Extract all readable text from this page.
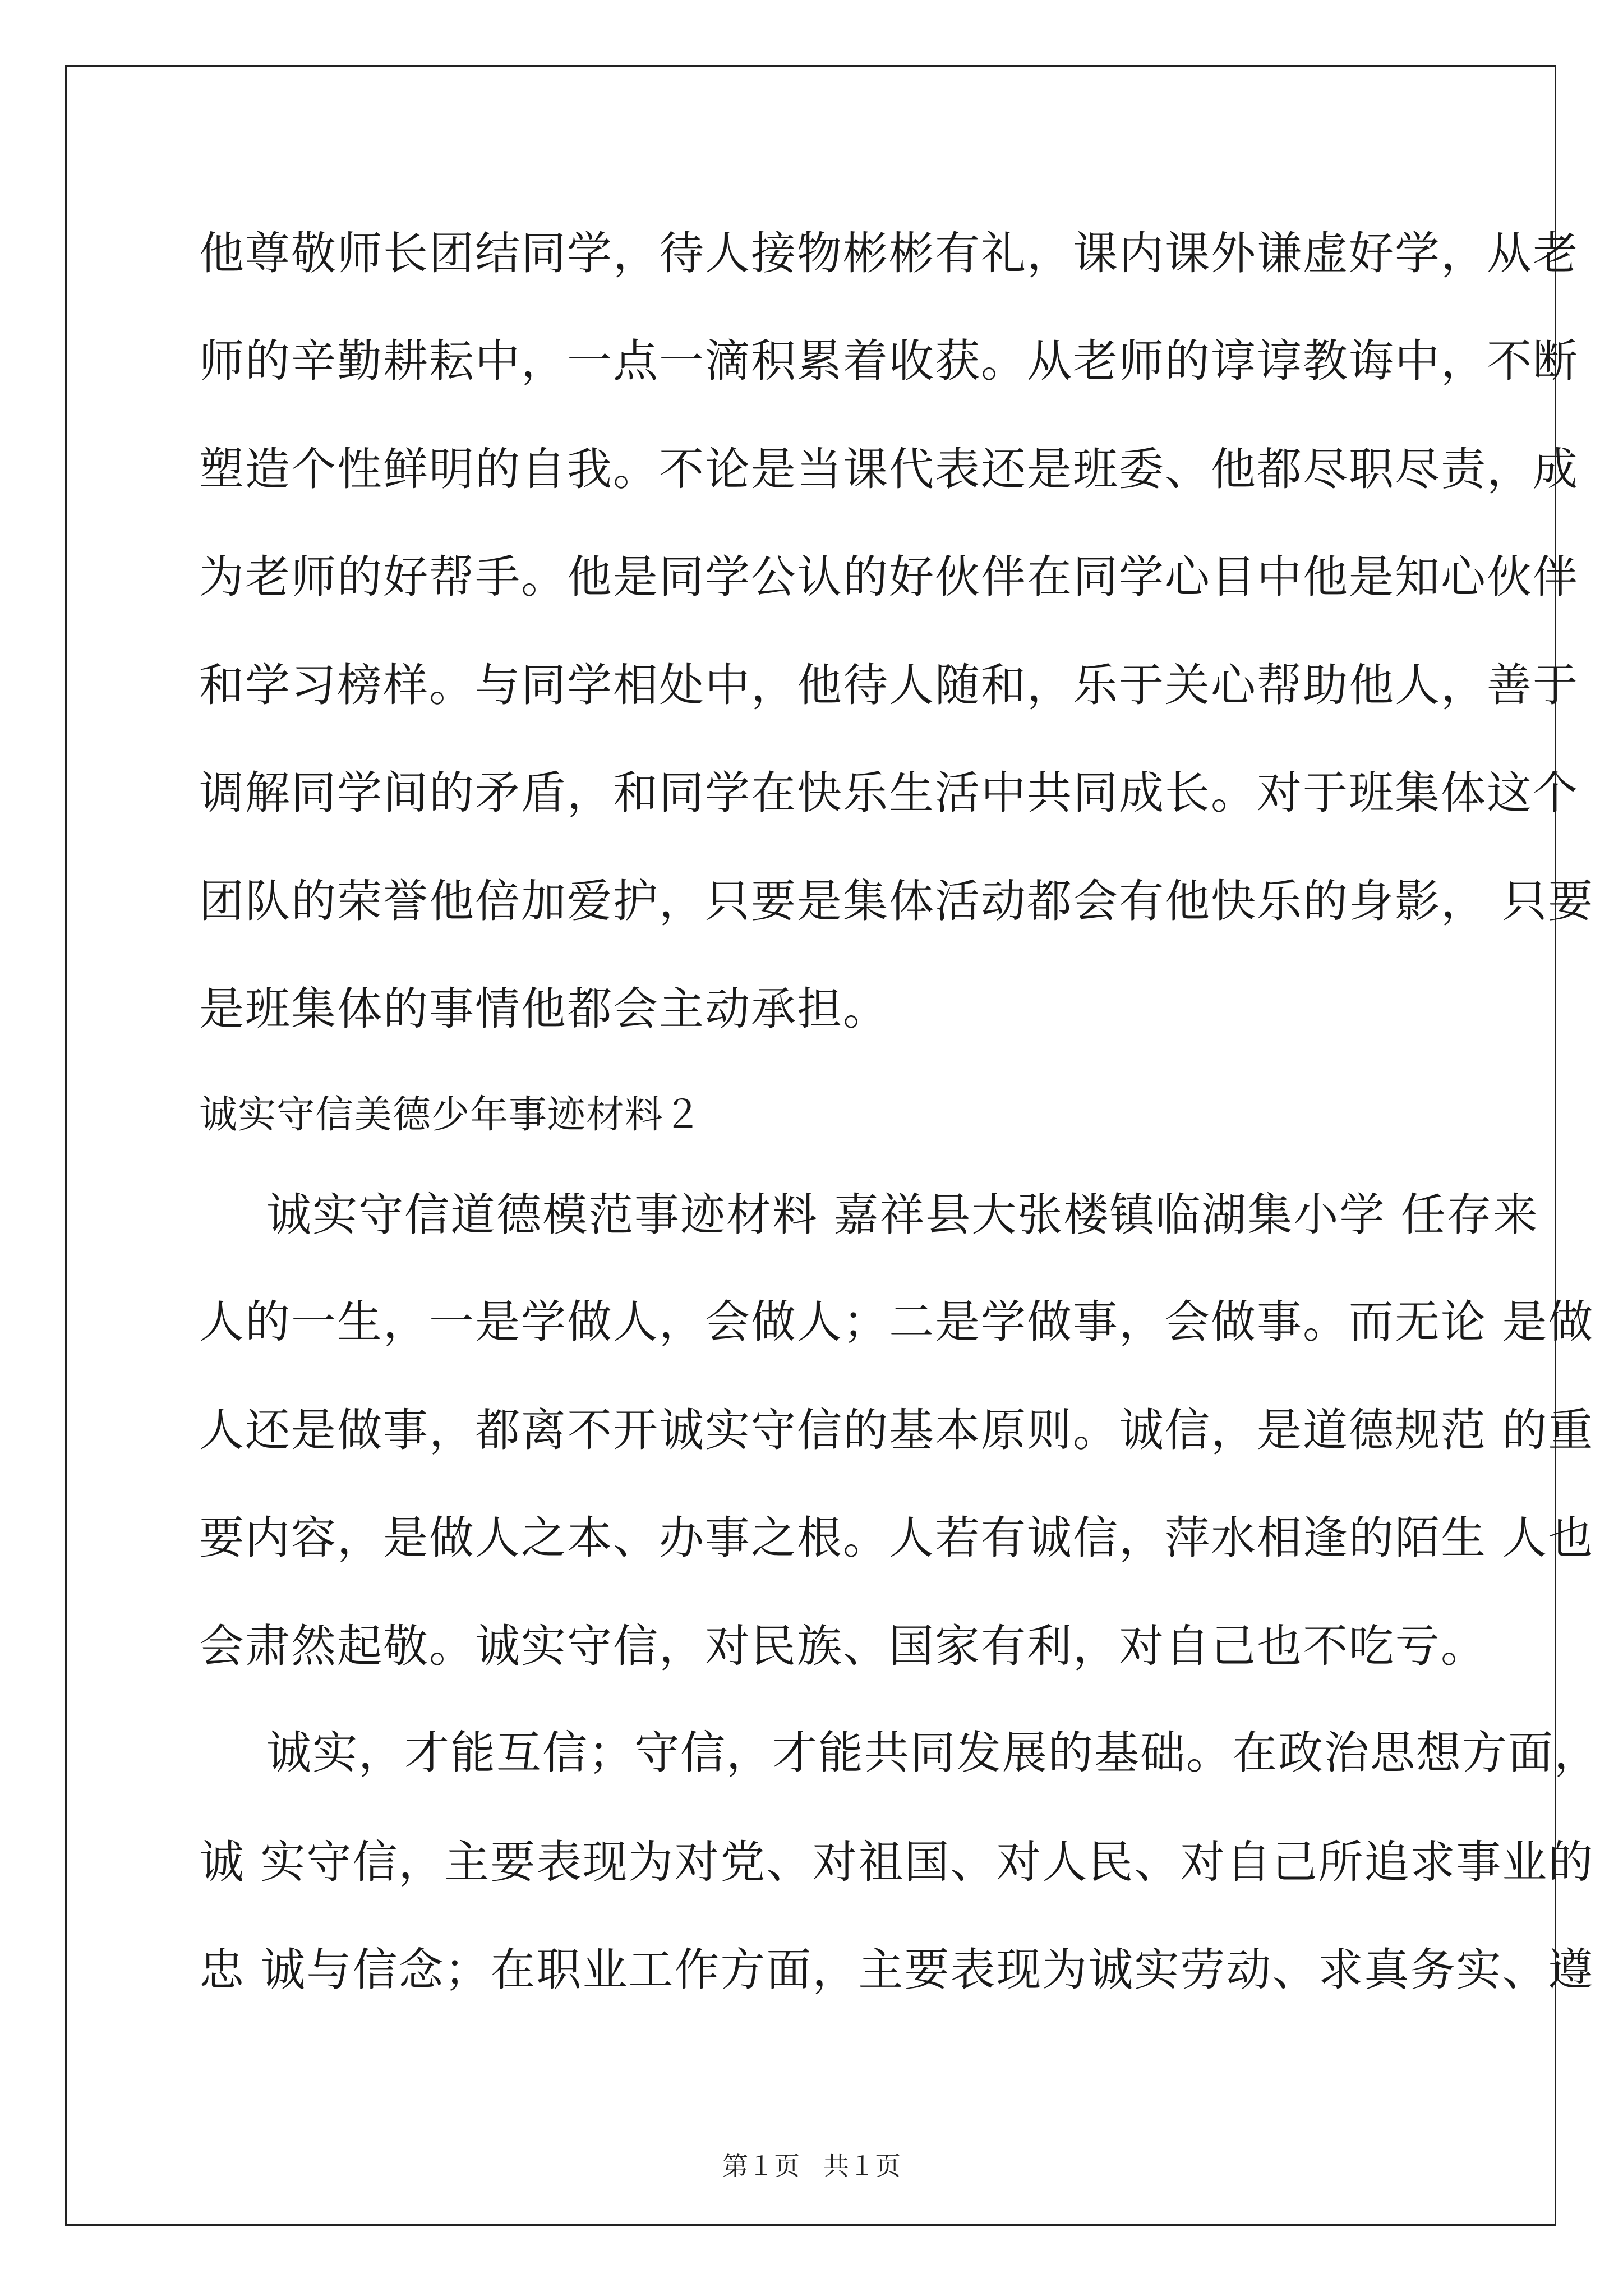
他尊敬师长团结同学，待人接物彬彬有礼，课内课外谦虚好学，从老
师的辛勤耕耘中，一点一滴积累着收获。从老师的谆谆教诲中，不断
塑造个性鲜明的自我。不论是当课代表还是班委、他都尽职尽责，成
为老师的好帮手。他是同学公认的好伙伴在同学心目中他是知心伙伴
和学习榜样。与同学相处中，他待人随和，乐于关心帮助他人，善于
调解同学间的矛盾，和同学在快乐生活中共同成长。对于班集体这个
团队的荣誉他倍加爱护，只要是集体活动都会有他快乐的身影， 只要
是班集体的事情他都会主动承担。
诚实守信美德少年事迹材料２
诚实守信道德模范事迹材料 嘉祥县大张楼镇临湖集小学 任存来
人的一生，一是学做人，会做人；二是学做事，会做事。而无论 是做
人还是做事，都离不开诚实守信的基本原则。诚信，是道德规范 的重
要内容，是做人之本、办事之根。人若有诚信，萍水相逢的陌生 人也
会肃然起敬。诚实守信，对民族、国家有利，对自己也不吃亏。
诚实，才能互信；守信，才能共同发展的基础。在政治思想方面，
诚 实守信，主要表现为对党、对祖国、对人民、对自己所追求事业的
忠 诚与信念；在职业工作方面，主要表现为诚实劳动、求真务实、遵
第１页 共１页
